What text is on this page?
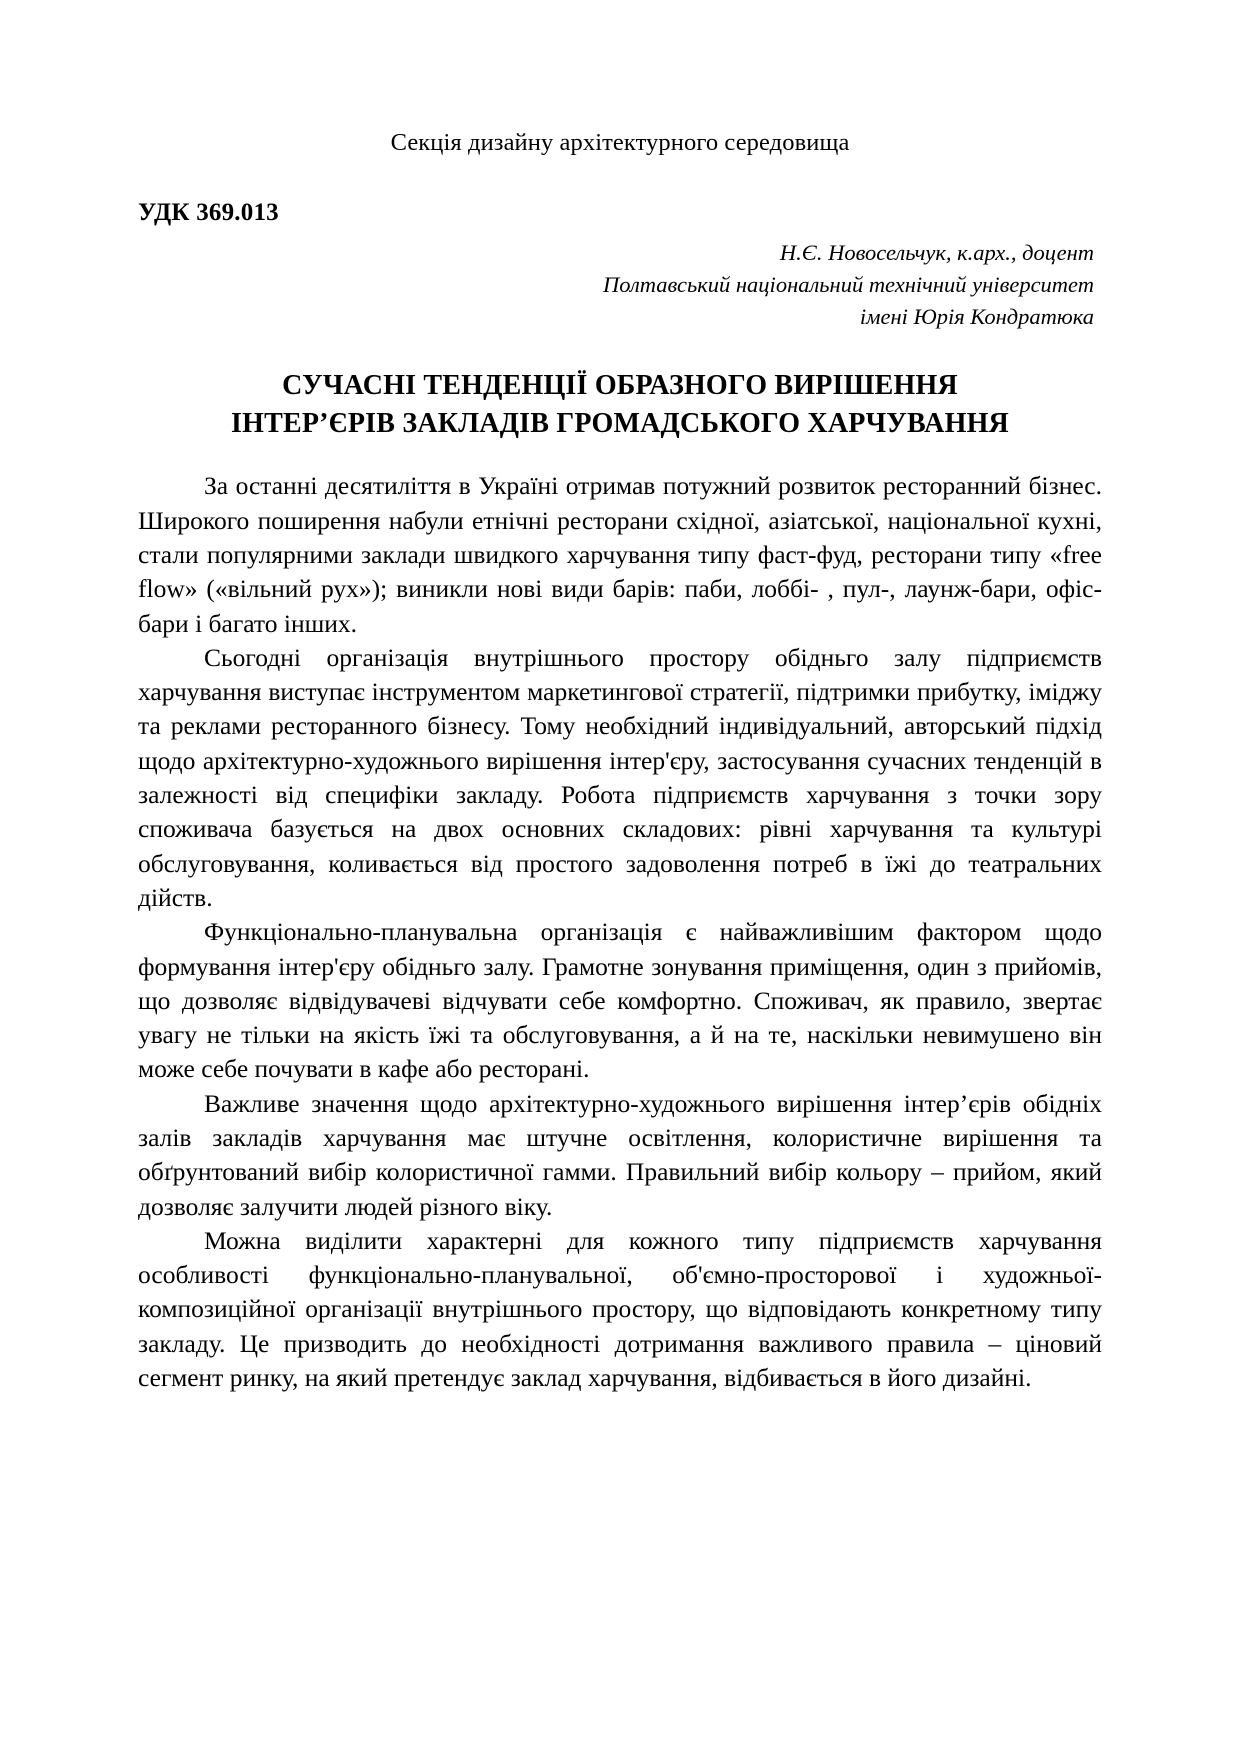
Секція дизайну архітектурного середовища
УДК 369.013
Н.Є. Новосельчук, к.арх., доцент
Полтавський національний технічний університет
імені Юрія Кондратюка
СУЧАСНІ ТЕНДЕНЦІЇ ОБРАЗНОГО ВИРІШЕННЯ
ІНТЕР’ЄРІВ ЗАКЛАДІВ ГРОМАДСЬКОГО ХАРЧУВАННЯ

За останні десятиліття в Україні отримав потужний розвиток ресторанний бізнес. Широкого поширення набули етнічні ресторани східної, азіатської, національної кухні, стали популярними заклади швидкого харчування типу фаст-фуд, ресторани типу «free flow» («вільний рух»); виникли нові види барів: паби, лоббі- , пул-, лаунж-бари, офіс-бари і багато інших.

Сьогодні організація внутрішнього простору обідньго залу підприємств харчування виступає інструментом маркетингової стратегії, підтримки прибутку, іміджу та реклами ресторанного бізнесу. Тому необхідний індивідуальний, авторський підхід щодо архітектурно-художнього вирішення інтер'єру, застосування сучасних тенденцій в залежності від специфіки закладу. Робота підприємств харчування з точки зору споживача базується на двох основних складових: рівні харчування та культурі обслуговування, коливається від простого задоволення потреб в їжі до театральних дійств.

Функціонально-планувальна організація є найважливішим фактором щодо формування інтер'єру обідньго залу. Грамотне зонування приміщення, один з прийомів, що дозволяє відвідувачеві відчувати себе комфортно. Споживач, як правило, звертає увагу не тільки на якість їжі та обслуговування, а й на те, наскільки невимушено він може себе почувати в кафе або ресторані.

Важливе значення щодо архітектурно-художнього вирішення інтер’єрів обідніх залів закладів харчування має штучне освітлення, колористичне вирішення та обґрунтований вибір колористичної гамми. Правильний вибір кольору – прийом, який дозволяє залучити людей різного віку.

Можна виділити характерні для кожного типу підприємств харчування особливості функціонально-планувальної, об'ємно-просторової і художньої-композиційної організації внутрішнього простору, що відповідають конкретному типу закладу. Це призводить до необхідності дотримання важливого правила – ціновий сегмент ринку, на який претендує заклад харчування, відбивається в його дизайні.
